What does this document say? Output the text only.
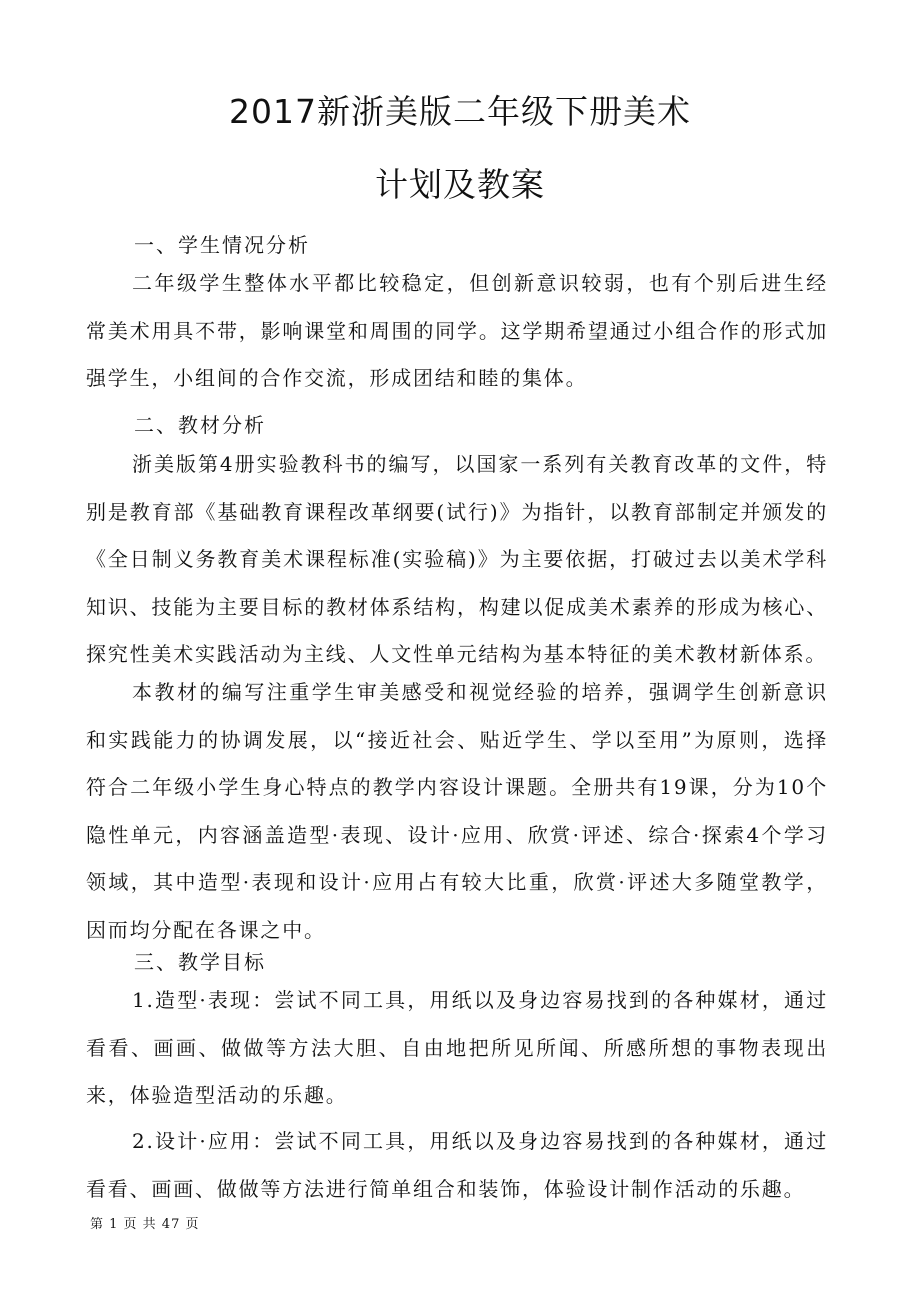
2017新浙美版二年级下册美术
计划及教案
一、学生情况分析

二年级学生整体水平都比较稳定，但创新意识较弱，也有个别后进生经常美术用具不带，影响课堂和周围的同学。这学期希望通过小组合作的形式加强学生，小组间的合作交流，形成团结和睦的集体。

二、教材分析

浙美版第4册实验教科书的编写，以国家一系列有关教育改革的文件，特别是教育部《基础教育课程改革纲要(试行)》为指针，以教育部制定并颁发的《全日制义务教育美术课程标准(实验稿)》为主要依据，打破过去以美术学科知识、技能为主要目标的教材体系结构，构建以促成美术素养的形成为核心、探究性美术实践活动为主线、人文性单元结构为基本特征的美术教材新体系。

本教材的编写注重学生审美感受和视觉经验的培养，强调学生创新意识和实践能力的协调发展，以“接近社会、贴近学生、学以至用”为原则，选择符合二年级小学生身心特点的教学内容设计课题。全册共有19课，分为10个隐性单元，内容涵盖造型·表现、设计·应用、欣赏·评述、综合·探索4个学习领域，其中造型·表现和设计·应用占有较大比重，欣赏·评述大多随堂教学，因而均分配在各课之中。

三、教学目标

1.造型·表现：尝试不同工具，用纸以及身边容易找到的各种媒材，通过看看、画画、做做等方法大胆、自由地把所见所闻、所感所想的事物表现出来，体验造型活动的乐趣。

2.设计·应用：尝试不同工具，用纸以及身边容易找到的各种媒材，通过看看、画画、做做等方法进行简单组合和装饰，体验设计制作活动的乐趣。

第 1 页 共 47 页
